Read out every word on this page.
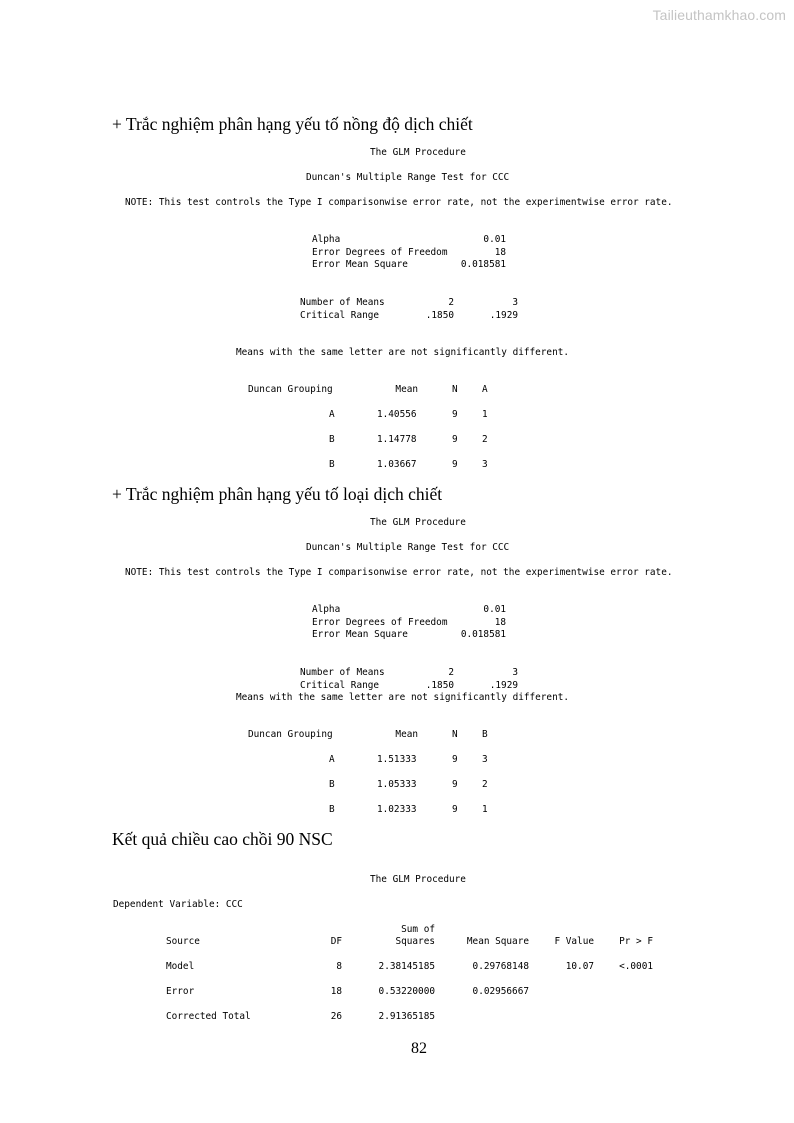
Tailieuthamkhao.com
+ Trắc nghiệm phân hạng yếu tố nồng độ dịch chiết
The GLM Procedure
Duncan's Multiple Range Test for CCC
NOTE: This test controls the Type I comparisonwise error rate, not the experimentwise error rate.
Alpha	0.01
Error Degrees of Freedom	18
Error Mean Square	0.018581
Number of Means	2	3
Critical Range	.1850	.1929
Means with the same letter are not significantly different.
Duncan Grouping	Mean	N	A
A	1.40556	9	1
B	1.14778	9	2
B	1.03667	9	3
+ Trắc nghiệm phân hạng yếu tố loại dịch chiết
The GLM Procedure
Duncan's Multiple Range Test for CCC
NOTE: This test controls the Type I comparisonwise error rate, not the experimentwise error rate.
Alpha	0.01
Error Degrees of Freedom	18
Error Mean Square	0.018581
Number of Means	2	3
Critical Range	.1850	.1929
Means with the same letter are not significantly different.
Duncan Grouping	Mean	N	B
A	1.51333	9	3
B	1.05333	9	2
B	1.02333	9	1
Kết quả chiều cao chồi 90 NSC
The GLM Procedure
Dependent Variable: CCC
Sum of
Source	DF	Squares	Mean Square	F Value	Pr > F
Model	8	2.38145185	0.29768148	10.07	<.0001
Error	18	0.53220000	0.02956667
Corrected Total	26	2.91365185
82
